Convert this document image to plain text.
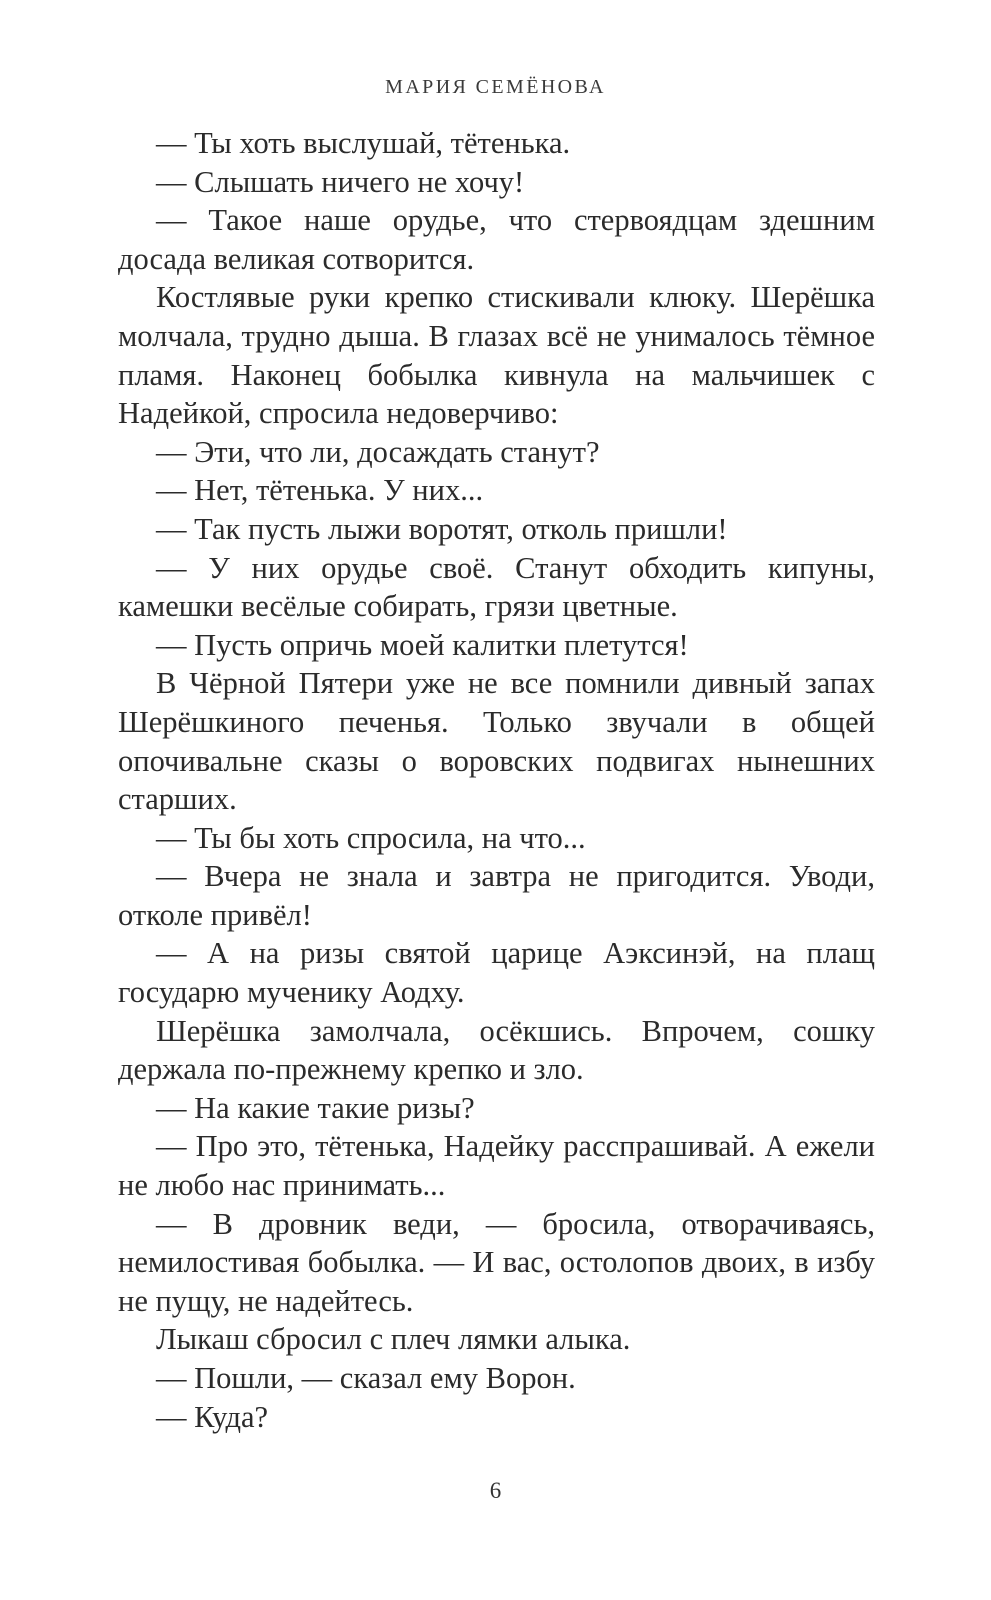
МАРИЯ СЕМЁНОВА

— Ты хоть выслушай, тётенька.

— Слышать ничего не хочу!

— Такое наше орудье, что стервоядцам здешним досада великая сотворится.

Костлявые руки крепко стискивали клюку. Шерёшка молчала, трудно дыша. В глазах всё не унималось тёмное пламя. Наконец бобылка кивнула на мальчишек с Надейкой, спросила недоверчиво:

— Эти, что ли, досаждать станут?

— Нет, тётенька. У них...

— Так пусть лыжи воротят, отколь пришли!

— У них орудье своё. Станут обходить кипуны, камешки весёлые собирать, грязи цветные.

— Пусть опричь моей калитки плетутся!

В Чёрной Пятери уже не все помнили дивный запах Шерёшкиного печенья. Только звучали в общей опочивальне сказы о воровских подвигах нынешних старших.

— Ты бы хоть спросила, на что...

— Вчера не знала и завтра не пригодится. Уводи, отколе привёл!

— А на ризы святой царице Аэксинэй, на плащ государю мученику Аодху.

Шерёшка замолчала, осёкшись. Впрочем, сошку держала по-прежнему крепко и зло.

— На какие такие ризы?

— Про это, тётенька, Надейку расспрашивай. А ежели не любо нас принимать...

— В дровник веди, — бросила, отворачиваясь, немилостивая бобылка. — И вас, остолопов двоих, в избу не пущу, не надейтесь.

Лыкаш сбросил с плеч лямки алыка.

— Пошли, — сказал ему Ворон.

— Куда?

6
